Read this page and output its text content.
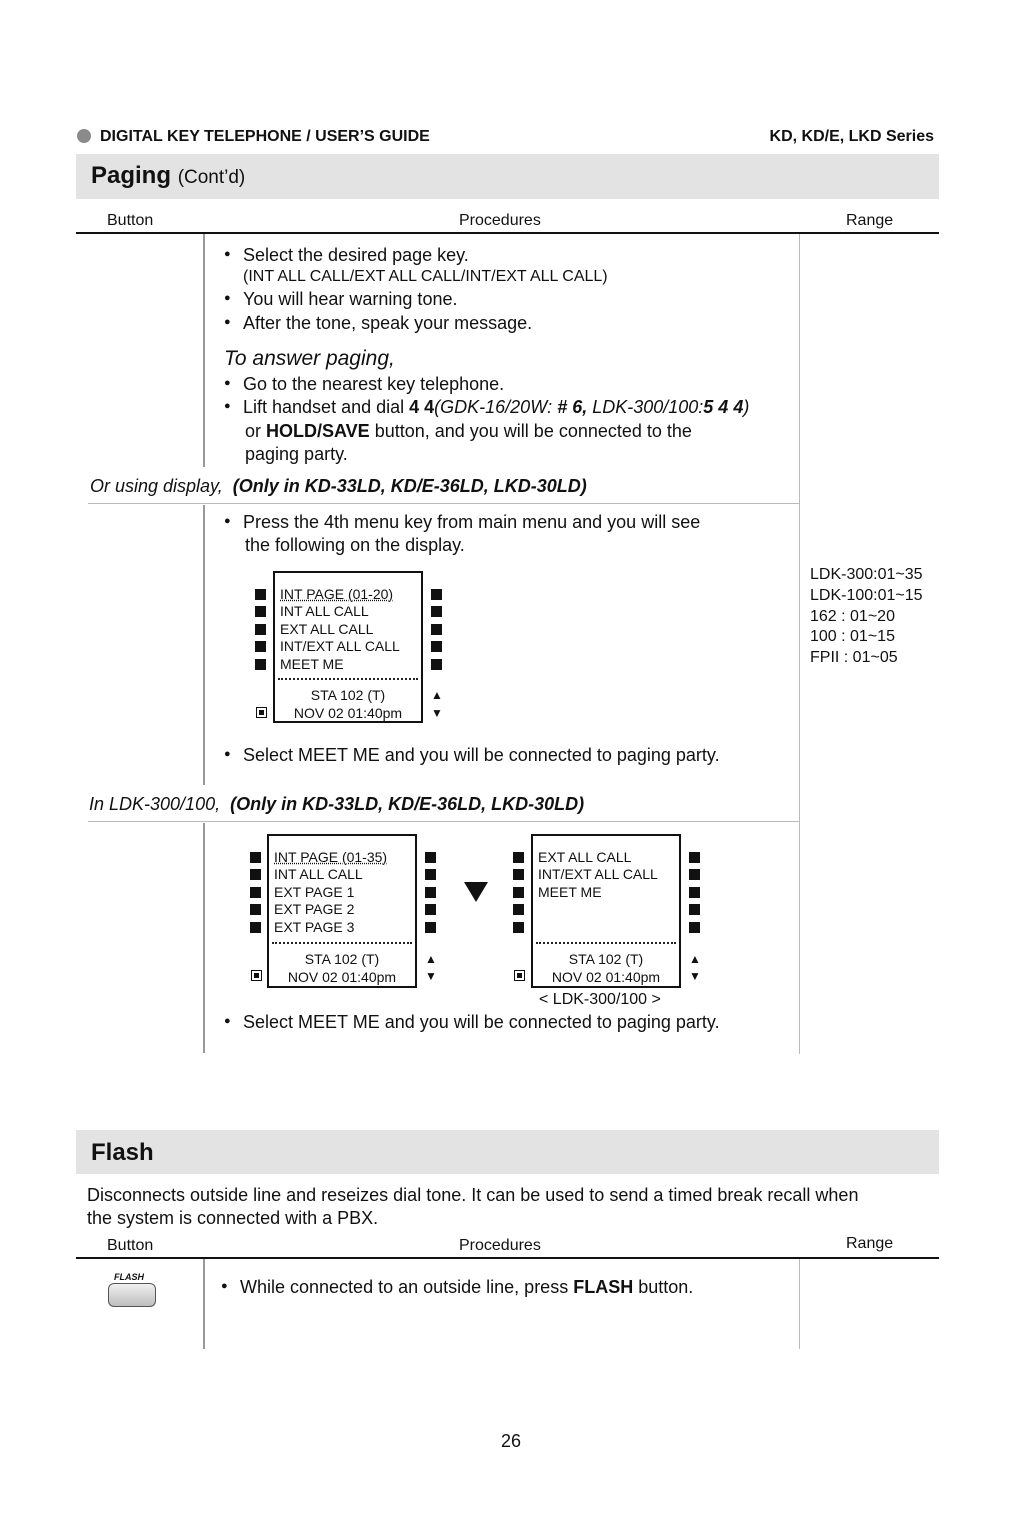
DIGITAL KEY TELEPHONE / USER’S GUIDE	KD, KD/E, LKD Series
Paging (Cont’d)
Button	Procedures	Range
● Select the desired page key.
(INT ALL CALL/EXT ALL CALL/INT/EXT ALL CALL)
● You will hear warning tone.
● After the tone, speak your message.
To answer paging,
● Go to the nearest key telephone.
● Lift handset and dial 4 4(GDK-16/20W: # 6, LDK-300/100:5 4 4)
or HOLD/SAVE button, and you will be connected to the
paging party.
Or using display, (Only in KD-33LD, KD/E-36LD, LKD-30LD)
● Press the 4th menu key from main menu and you will see
the following on the display.
▲
▼
INT PAGE (01-20)
INT ALL CALL
EXT ALL CALL
INT/EXT ALL CALL
MEET ME
STA 102 (T)
NOV 02 01:40pm
● Select MEET ME and you will be connected to paging party.
In LDK-300/100, (Only in KD-33LD, KD/E-36LD, LKD-30LD)
▲
▼
INT PAGE (01-35)
INT ALL CALL
EXT PAGE 1
EXT PAGE 2
EXT PAGE 3
STA 102 (T)
NOV 02 01:40pm
▲
▼
EXT ALL CALL
INT/EXT ALL CALL
MEET ME
STA 102 (T)
NOV 02 01:40pm
< LDK-300/100 >
● Select MEET ME and you will be connected to paging party.
LDK-300:01~35
LDK-100:01~15
162 : 01~20
100 : 01~15
FPII : 01~05
Flash
Disconnects outside line and reseizes dial tone. It can be used to send a timed break recall when
the system is connected with a PBX.
Button	Procedures	Range
FLASH
●	While connected to an outside line, press FLASH button.
26
